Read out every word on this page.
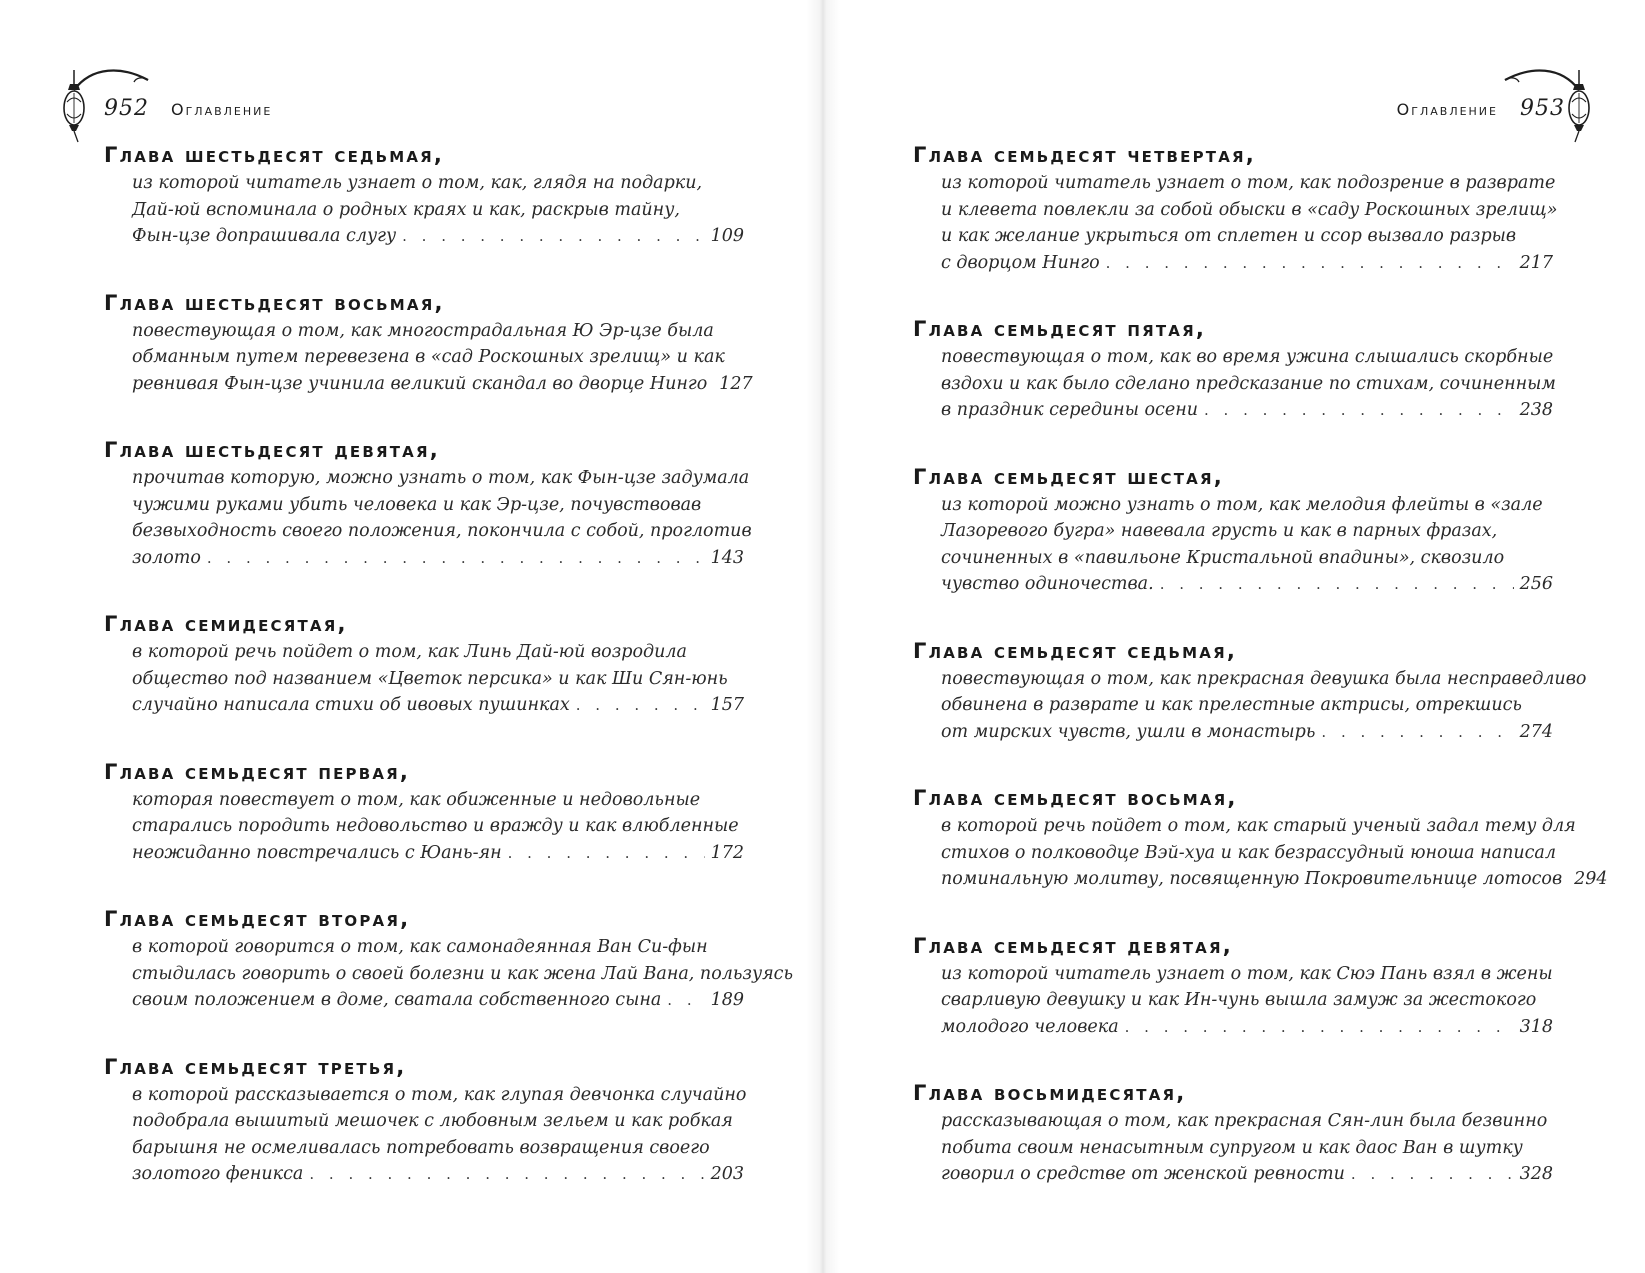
952 Оглавление
Глава шестьдесят седьмая,
из которой читатель узнает о том, как, глядя на подарки,
Дай-юй вспоминала о родных краях и как, раскрыв тайну,
Фын-цзе допрашивала слугу . . .	109
Глава шестьдесят восьмая,
повествующая о том, как многострадальная Ю Эр-цзе была
обманным путем перевезена в «сад Роскошных зрелищ» и как
ревнивая Фын-цзе учинила великий скандал во дворце Нинго 127
Глава шестьдесят девятая,
прочитав которую, можно узнать о том, как Фын-цзе задумала
чужими руками убить человека и как Эр-цзе, почувствовав
безвыходность своего положения, покончила с собой, проглотив
золото . . .	143
Глава семидесятая,
в которой речь пойдет о том, как Линь Дай-юй возродила
общество под названием «Цветок персика» и как Ши Сян-юнь
случайно написала стихи об ивовых пушинках . . .	157
Глава семьдесят первая,
которая повествует о том, как обиженные и недовольные
старались породить недовольство и вражду и как влюбленные
неожиданно повстречались с Юань-ян . . .	172
Глава семьдесят вторая,
в которой говорится о том, как самонадеянная Ван Си-фын
стыдилась говорить о своей болезни и как жена Лай Вана, пользуясь
своим положением в доме, сватала собственного сына . . .	189
Глава семьдесят третья,
в которой рассказывается о том, как глупая девчонка случайно
подобрала вышитый мешочек с любовным зельем и как робкая
барышня не осмеливалась потребовать возвращения своего
золотого феникса . . .	203
Оглавление 953
Глава семьдесят четвертая,
из которой читатель узнает о том, как подозрение в разврате
и клевета повлекли за собой обыски в «саду Роскошных зрелищ»
и как желание укрыться от сплетен и ссор вызвало разрыв
с дворцом Нинго . . .	217
Глава семьдесят пятая,
повествующая о том, как во время ужина слышались скорбные
вздохи и как было сделано предсказание по стихам, сочиненным
в праздник середины осени . . .	238
Глава семьдесят шестая,
из которой можно узнать о том, как мелодия флейты в «зале
Лазоревого бугра» навевала грусть и как в парных фразах,
сочиненных в «павильоне Кристальной впадины», сквозило
чувство одиночества. . . .	256
Глава семьдесят седьмая,
повествующая о том, как прекрасная девушка была несправедливо
обвинена в разврате и как прелестные актрисы, отрекшись
от мирских чувств, ушли в монастырь . . .	274
Глава семьдесят восьмая,
в которой речь пойдет о том, как старый ученый задал тему для
стихов о полководце Вэй-хуа и как безрассудный юноша написал
поминальную молитву, посвященную Покровительнице лотосов 294
Глава семьдесят девятая,
из которой читатель узнает о том, как Сюэ Пань взял в жены
сварливую девушку и как Ин-чунь вышла замуж за жестокого
молодого человека . . .	318
Глава восьмидесятая,
рассказывающая о том, как прекрасная Сян-лин была безвинно
побита своим ненасытным супругом и как даос Ван в шутку
говорил о средстве от женской ревности . . .	328
